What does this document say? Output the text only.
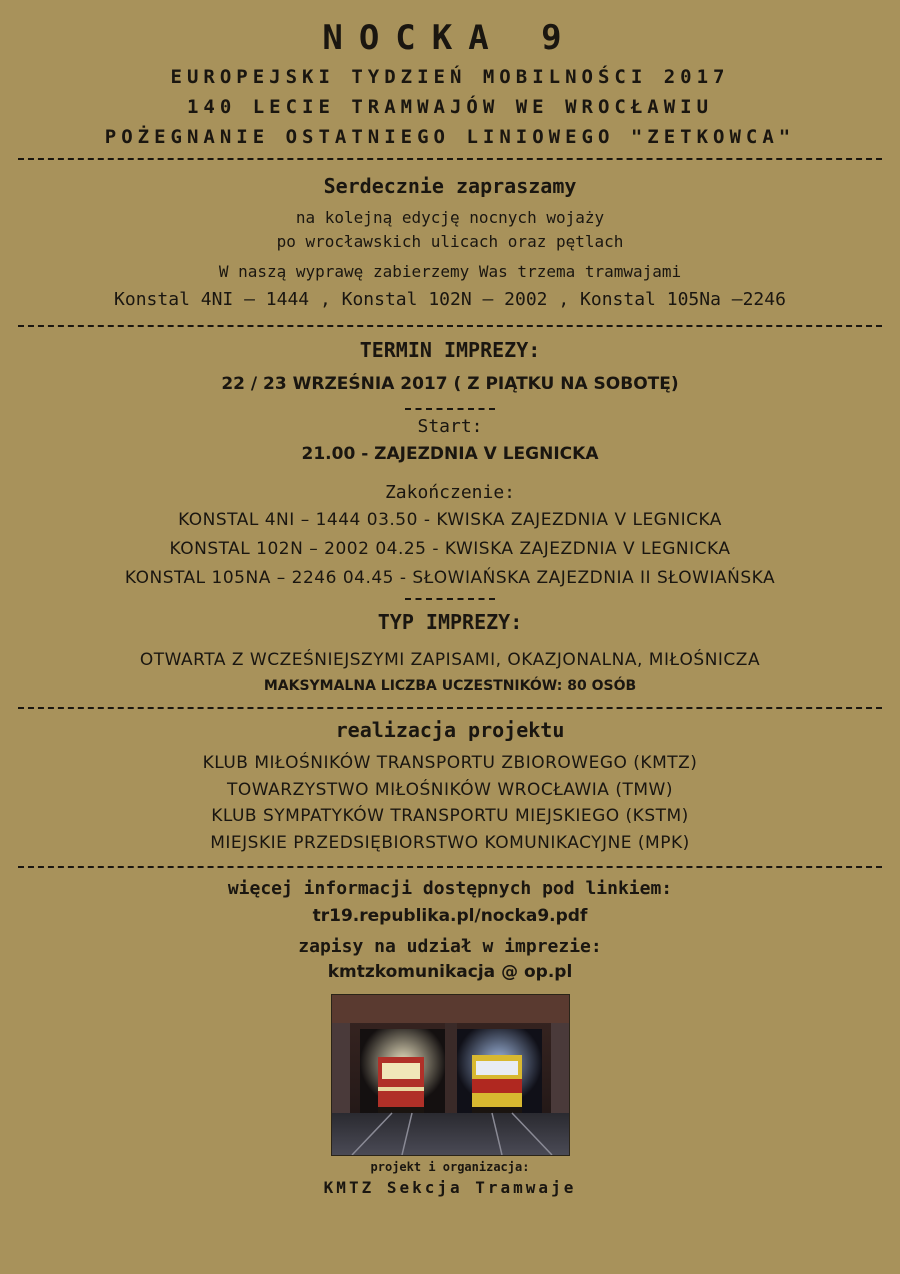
NOCKA 9
EUROPEJSKI TYDZIEŃ MOBILNOŚCI 2017
140 LECIE TRAMWAJÓW WE WROCŁAWIU
POŻEGNANIE OSTATNIEGO LINIOWEGO "ZETKOWCA"
Serdecznie zapraszamy
na kolejną edycję nocnych wojaży
po wrocławskich ulicach oraz pętlach
W naszą wyprawę zabierzemy Was trzema tramwajami
Konstal 4NI – 1444 , Konstal 102N – 2002 , Konstal 105Na –2246
TERMIN IMPREZY:
22 / 23 WRZEŚNIA 2017 ( Z PIĄTKU NA SOBOTĘ)
Start:
21.00 - ZAJEZDNIA V LEGNICKA
Zakończenie:
KONSTAL 4NI – 1444 03.50 - KWISKA ZAJEZDNIA V LEGNICKA
KONSTAL 102N – 2002 04.25 - KWISKA ZAJEZDNIA V LEGNICKA
KONSTAL 105NA – 2246 04.45 - SŁOWIAŃSKA ZAJEZDNIA II SŁOWIAŃSKA
TYP IMPREZY:
OTWARTA Z WCZEŚNIEJSZYMI ZAPISAMI, OKAZJONALNA, MIŁOŚNICZA
MAKSYMALNA LICZBA UCZESTNIKÓW: 80 OSÓB
realizacja projektu
KLUB MIŁOŚNIKÓW TRANSPORTU ZBIOROWEGO (KMTZ)
TOWARZYSTWO MIŁOŚNIKÓW WROCŁAWIA (TMW)
KLUB SYMPATYKÓW TRANSPORTU MIEJSKIEGO (KSTM)
MIEJSKIE PRZEDSIĘBIORSTWO KOMUNIKACYJNE (MPK)
więcej informacji dostępnych pod linkiem:
tr19.republika.pl/nocka9.pdf
zapisy na udział w imprezie:
kmtzkomunikacja @ op.pl
projekt i organizacja:
KMTZ Sekcja Tramwaje
